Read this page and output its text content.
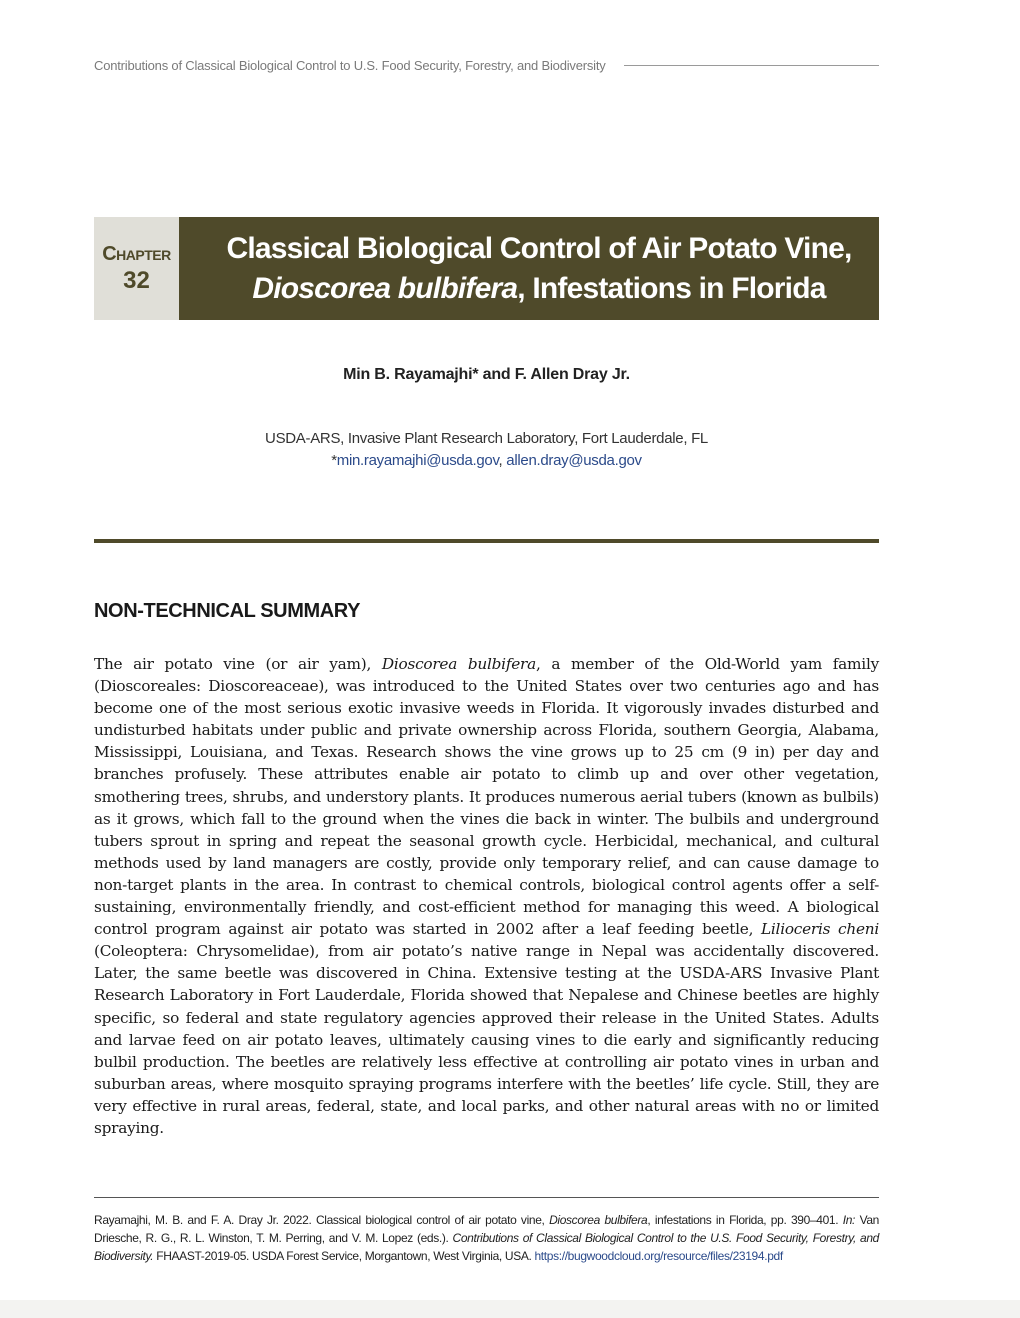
Contributions of Classical Biological Control to U.S. Food Security, Forestry, and Biodiversity
Chapter
32
Classical Biological Control of Air Potato Vine,
Dioscorea bulbifera, Infestations in Florida
Min B. Rayamajhi* and F. Allen Dray Jr.
USDA-ARS, Invasive Plant Research Laboratory, Fort Lauderdale, FL
*min.rayamajhi@usda.gov, allen.dray@usda.gov
NON-TECHNICAL SUMMARY
The air potato vine (or air yam), Dioscorea bulbifera, a member of the Old-World yam family (Dioscoreales: Dioscoreaceae), was introduced to the United States over two centuries ago and has become one of the most serious exotic invasive weeds in Florida. It vigorously invades disturbed and undisturbed habitats under public and private ownership across Florida, southern Georgia, Alabama, Mississippi, Louisiana, and Texas. Research shows the vine grows up to 25 cm (9 in) per day and branches profusely. These attributes enable air potato to climb up and over other vegetation, smothering trees, shrubs, and understory plants. It produces numerous aerial tubers (known as bulbils) as it grows, which fall to the ground when the vines die back in winter. The bulbils and underground tubers sprout in spring and repeat the seasonal growth cycle. Herbicidal, mechanical, and cultural methods used by land managers are costly, provide only temporary relief, and can cause damage to non-target plants in the area. In contrast to chemical controls, biological control agents offer a self-sustaining, environmentally friendly, and cost-efficient method for managing this weed. A biological control program against air potato was started in 2002 after a leaf feeding beetle, Lilioceris cheni (Coleoptera: Chrysomelidae), from air potato’s native range in Nepal was accidentally discovered. Later, the same beetle was discovered in China. Extensive testing at the USDA-ARS Invasive Plant Research Laboratory in Fort Lauderdale, Florida showed that Nepalese and Chinese beetles are highly specific, so federal and state regulatory agencies approved their release in the United States. Adults and larvae feed on air potato leaves, ultimately causing vines to die early and significantly reducing bulbil production. The beetles are relatively less effective at controlling air potato vines in urban and suburban areas, where mosquito spraying programs interfere with the beetles’ life cycle. Still, they are very effective in rural areas, federal, state, and local parks, and other natural areas with no or limited spraying.
Rayamajhi, M. B. and F. A. Dray Jr. 2022. Classical biological control of air potato vine, Dioscorea bulbifera, infestations in Florida, pp. 390–401. In: Van Driesche, R. G., R. L. Winston, T. M. Perring, and V. M. Lopez (eds.). Contributions of Classical Biological Control to the U.S. Food Security, Forestry, and Biodiversity. FHAAST-2019-05. USDA Forest Service, Morgantown, West Virginia, USA. https://bugwoodcloud.org/resource/files/23194.pdf
